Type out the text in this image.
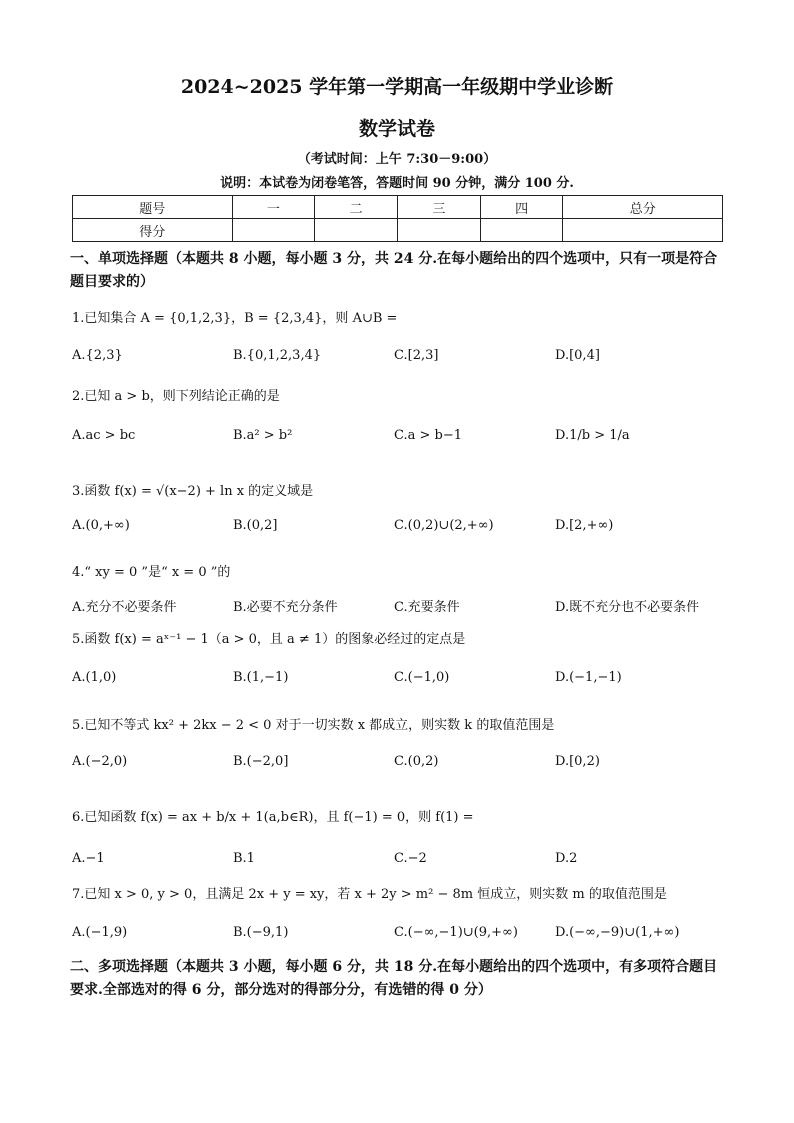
2024~2025 学年第一学期高一年级期中学业诊断
数学试卷
（考试时间：上午 7:30－9:00）
说明：本试卷为闭卷笔答，答题时间 90 分钟，满分 100 分.
题号	一	二	三	四	总分
得分					
一、单项选择题（本题共 8 小题，每小题 3 分，共 24 分.在每小题给出的四个选项中，只有一项是符合题目要求的）
1.已知集合 A = {0,1,2,3}，B = {2,3,4}，则 A∪B =
A.{2,3}	B.{0,1,2,3,4}	C.[2,3]	D.[0,4]
2.已知 a > b，则下列结论正确的是
A.ac > bc	B.a² > b²	C.a > b−1	D.1/b > 1/a
3.函数 f(x) = √(x−2) + ln x 的定义域是
A.(0,+∞)	B.(0,2]	C.(0,2)∪(2,+∞)	D.[2,+∞)
4.“ xy = 0 ”是“ x = 0 ”的
A.充分不必要条件	B.必要不充分条件	C.充要条件	D.既不充分也不必要条件
5.函数 f(x) = aˣ⁻¹ − 1（a > 0，且 a ≠ 1）的图象必经过的定点是
A.(1,0)	B.(1,−1)	C.(−1,0)	D.(−1,−1)
5.已知不等式 kx² + 2kx − 2 < 0 对于一切实数 x 都成立，则实数 k 的取值范围是
A.(−2,0)	B.(−2,0]	C.(0,2)	D.[0,2)
6.已知函数 f(x) = ax + b/x + 1(a,b∈R)，且 f(−1) = 0，则 f(1) =
A.−1	B.1	C.−2	D.2
7.已知 x > 0, y > 0，且满足 2x + y = xy，若 x + 2y > m² − 8m 恒成立，则实数 m 的取值范围是
A.(−1,9)	B.(−9,1)	C.(−∞,−1)∪(9,+∞)	D.(−∞,−9)∪(1,+∞)
二、多项选择题（本题共 3 小题，每小题 6 分，共 18 分.在每小题给出的四个选项中，有多项符合题目要求.全部选对的得 6 分，部分选对的得部分分，有选错的得 0 分）
